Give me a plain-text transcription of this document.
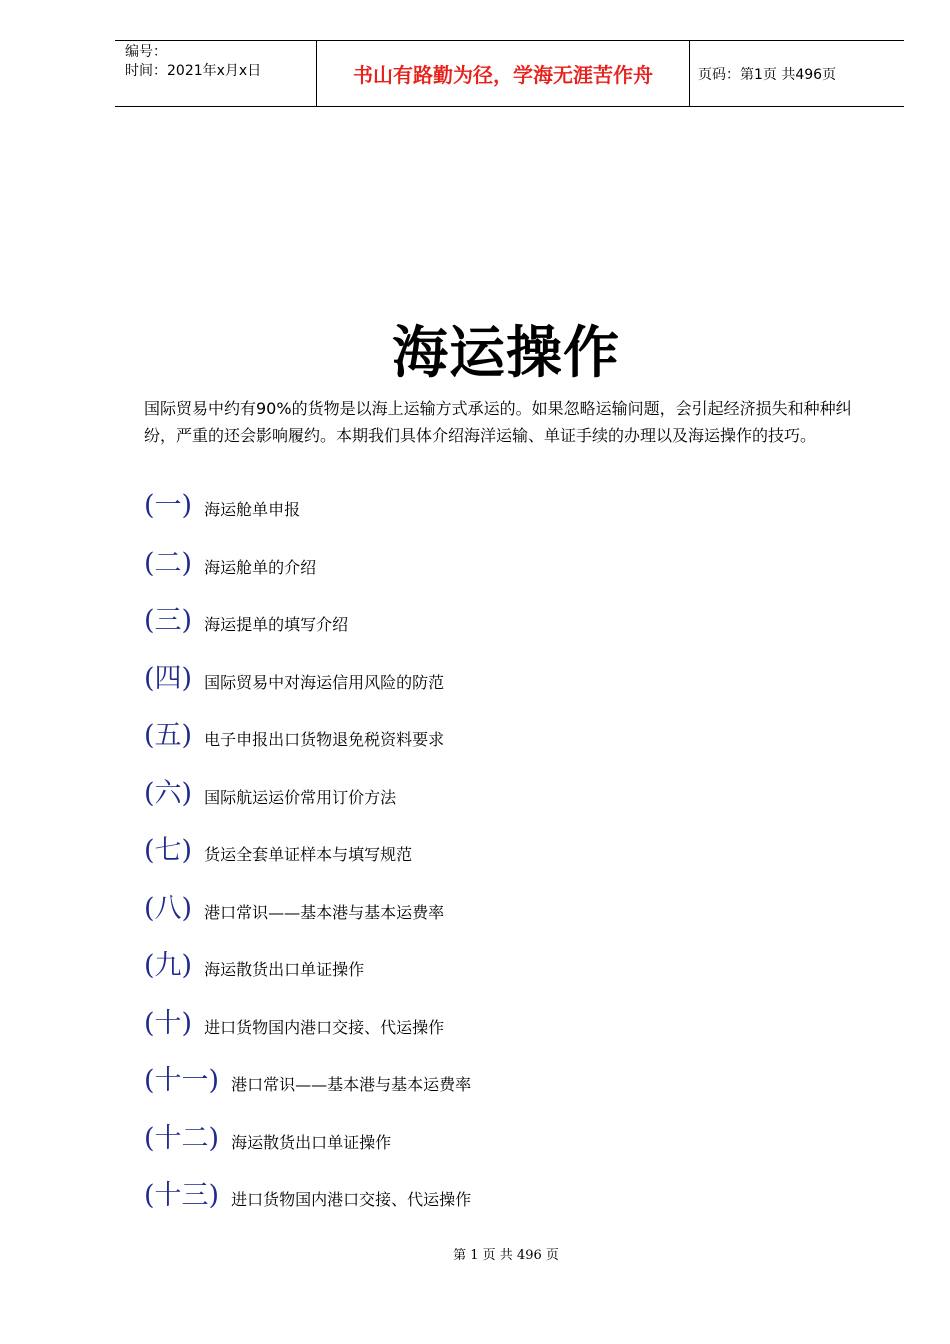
编号：
时间：2021年x月x日	书山有路勤为径，学海无涯苦作舟	页码：第1页 共496页
海运操作
国际贸易中约有90%的货物是以海上运输方式承运的。如果忽略运输问题，会引起经济损失和种种纠纷，严重的还会影响履约。本期我们具体介绍海洋运输、单证手续的办理以及海运操作的技巧。
(一) 海运舱单申报
(二) 海运舱单的介绍
(三) 海运提单的填写介绍
(四) 国际贸易中对海运信用风险的防范
(五) 电子申报出口货物退免税资料要求
(六) 国际航运运价常用订价方法
(七) 货运全套单证样本与填写规范
(八) 港口常识——基本港与基本运费率
(九) 海运散货出口单证操作
(十) 进口货物国内港口交接、代运操作
(十一) 港口常识——基本港与基本运费率
(十二) 海运散货出口单证操作
(十三) 进口货物国内港口交接、代运操作
第 1 页 共 496 页
